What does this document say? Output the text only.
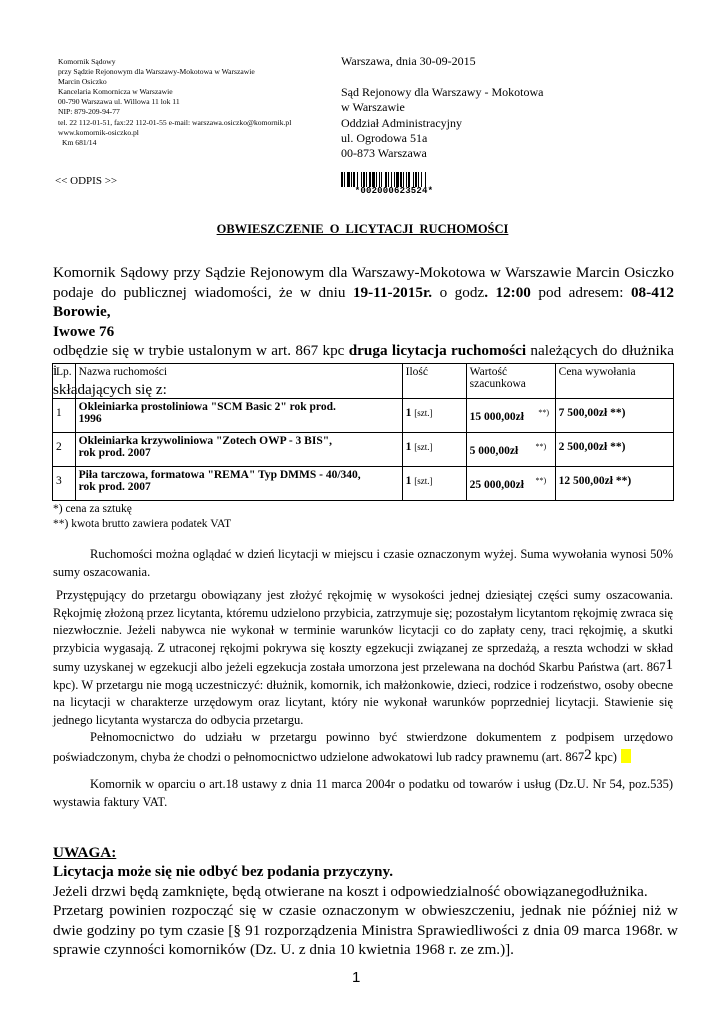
Komornik Sądowy
przy Sądzie Rejonowym dla Warszawy-Mokotowa w Warszawie
Marcin Osiczko
Kancelaria Komornicza w Warszawie
00-790 Warszawa ul. Willowa 11 lok 11
NIP: 879-209-94-77
tel. 22 112-01-51, fax:22 112-01-55 e-mail: warszawa.osiczko@komornik.pl
www.komornik-osiczko.pl
Km 681/14
Warszawa, dnia 30-09-2015
Sąd Rejonowy dla Warszawy - Mokotowa
w Warszawie
Oddział Administracyjny
ul. Ogrodowa 51a
00-873 Warszawa
<< ODPIS >>
*002000623524*
OBWIESZCZENIE O LICYTACJI RUCHOMOŚCI

Komornik Sądowy przy Sądzie Rejonowym dla Warszawy-Mokotowa w Warszawie Marcin Osiczko

podaje do publicznej wiadomości, że w dniu 19-11-2015r. o godz. 12:00 pod adresem: 08-412 Borowie,

Iwowe 76

odbędzie się w trybie ustalonym w art. 867 kpc druga licytacja ruchomości należących do dłużnika i

składających się z:

Lp.	Nazwa ruchomości	Ilość	Wartość
szacunkowa	Cena wywołania
1	Okleiniarka prostoliniowa "SCM Basic 2" rok prod.
1996	1 [szt.]	15 000,00zł **)	7 500,00zł **)
2	Okleiniarka krzywoliniowa "Zotech OWP - 3 BIS",
rok prod. 2007	1 [szt.]	5 000,00zł **)	2 500,00zł **)
3	Piła tarczowa, formatowa "REMA" Typ DMMS - 40/340,
rok prod. 2007	1 [szt.]	25 000,00zł **)	12 500,00zł **)
*) cena za sztukę
**) kwota brutto zawiera podatek VAT

Ruchomości można oglądać w dzień licytacji w miejscu i czasie oznaczonym wyżej. Suma wywołania wynosi 50% sumy oszacowania.

Przystępujący do przetargu obowiązany jest złożyć rękojmię w wysokości jednej dziesiątej części sumy oszacowania. Rękojmię złożoną przez licytanta, któremu udzielono przybicia, zatrzymuje się; pozostałym licytantom rękojmię zwraca się niezwłocznie. Jeżeli nabywca nie wykonał w terminie warunków licytacji co do zapłaty ceny, traci rękojmię, a skutki przybicia wygasają. Z utraconej rękojmi pokrywa się koszty egzekucji związanej ze sprzedażą, a reszta wchodzi w skład sumy uzyskanej w egzekucji albo jeżeli egzekucja została umorzona jest przelewana na dochód Skarbu Państwa (art. 8671 kpc). W przetargu nie mogą uczestniczyć: dłużnik, komornik, ich małżonkowie, dzieci, rodzice i rodzeństwo, osoby obecne na licytacji w charakterze urzędowym oraz licytant, który nie wykonał warunków poprzedniej licytacji. Stawienie się jednego licytanta wystarcza do odbycia przetargu.

Pełnomocnictwo do udziału w przetargu powinno być stwierdzone dokumentem z podpisem urzędowo poświadczonym, chyba że chodzi o pełnomocnictwo udzielone adwokatowi lub radcy prawnemu (art. 8672 kpc)

Komornik w oparciu o art.18 ustawy z dnia 11 marca 2004r o podatku od towarów i usług (Dz.U. Nr 54, poz.535) wystawia faktury VAT.

UWAGA:

Licytacja może się nie odbyć bez podania przyczyny.

Jeżeli drzwi będą zamknięte, będą otwierane na koszt i odpowiedzialność obowiązanegodłużnika.

Przetarg powinien rozpocząć się w czasie oznaczonym w obwieszczeniu, jednak nie później niż w dwie godziny po tym czasie [§ 91 rozporządzenia Ministra Sprawiedliwości z dnia 09 marca 1968r. w sprawie czynności komorników (Dz. U. z dnia 10 kwietnia 1968 r. ze zm.)].

1
